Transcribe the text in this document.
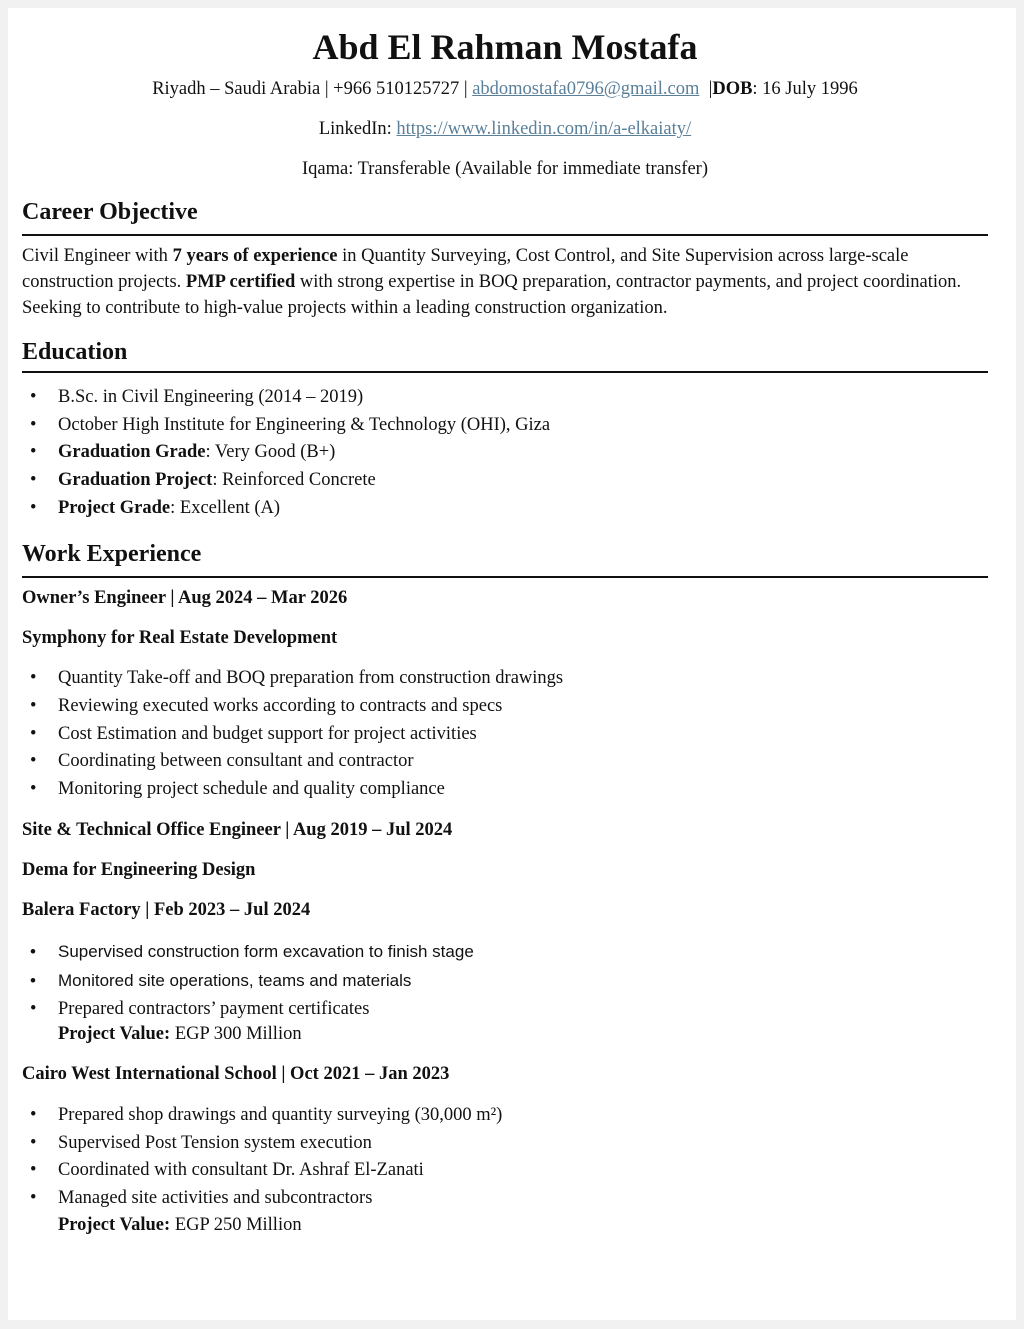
Abd El Rahman Mostafa
Riyadh – Saudi Arabia | +966 510125727 | abdomostafa0796@gmail.com  |DOB: 16 July 1996
LinkedIn: https://www.linkedin.com/in/a-elkaiaty/
Iqama: Transferable (Available for immediate transfer)
Career Objective
Civil Engineer with 7 years of experience in Quantity Surveying, Cost Control, and Site Supervision across large-scale construction projects. PMP certified with strong expertise in BOQ preparation, contractor payments, and project coordination. Seeking to contribute to high-value projects within a leading construction organization.
Education
• B.Sc. in Civil Engineering (2014 – 2019)
• October High Institute for Engineering & Technology (OHI), Giza
• Graduation Grade: Very Good (B+)
• Graduation Project: Reinforced Concrete
• Project Grade: Excellent (A)
Work Experience
Owner’s Engineer | Aug 2024 – Mar 2026
Symphony for Real Estate Development
• Quantity Take-off and BOQ preparation from construction drawings
• Reviewing executed works according to contracts and specs
• Cost Estimation and budget support for project activities
• Coordinating between consultant and contractor
• Monitoring project schedule and quality compliance
Site & Technical Office Engineer | Aug 2019 – Jul 2024
Dema for Engineering Design
Balera Factory | Feb 2023 – Jul 2024
• Supervised construction form excavation to finish stage
• Monitored site operations, teams and materials
• Prepared contractors’ payment certificates
Project Value: EGP 300 Million
Cairo West International School | Oct 2021 – Jan 2023
• Prepared shop drawings and quantity surveying (30,000 m²)
• Supervised Post Tension system execution
• Coordinated with consultant Dr. Ashraf El-Zanati
• Managed site activities and subcontractors
Project Value: EGP 250 Million
